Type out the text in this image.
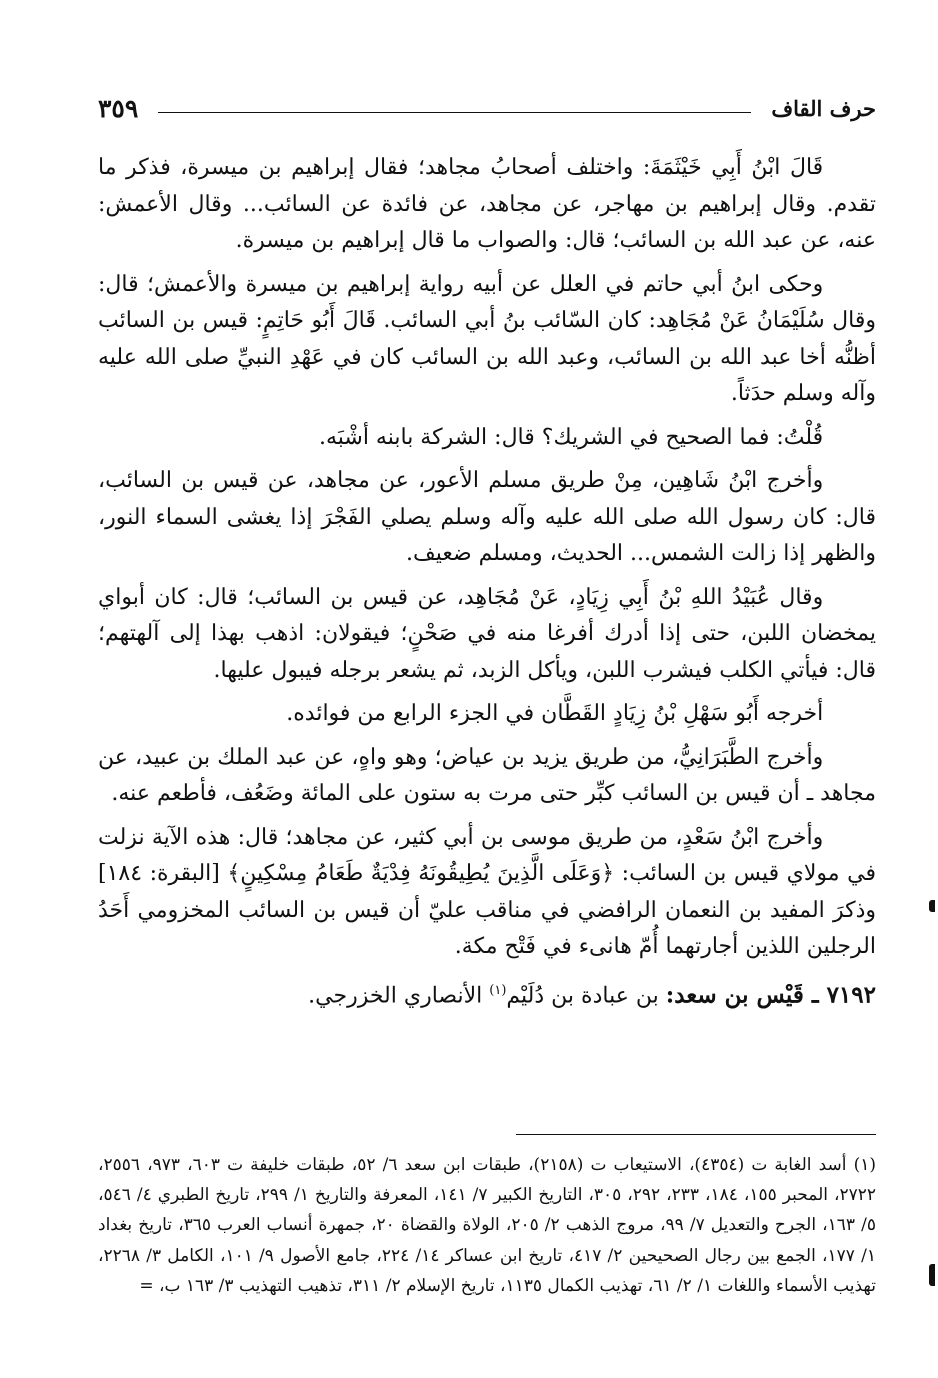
حرف القاف
٣٥٩

قَالَ ابْنُ أَبِي خَيْثَمَةَ: واختلف أصحابُ مجاهد؛ فقال إبراهيم بن ميسرة، فذكر ما تقدم. وقال إبراهيم بن مهاجر، عن مجاهد، عن فائدة عن السائب... وقال الأعمش: عنه، عن عبد الله بن السائب؛ قال: والصواب ما قال إبراهيم بن ميسرة.

وحكى ابنُ أبي حاتم في العلل عن أبيه رواية إبراهيم بن ميسرة والأعمش؛ قال: وقال سُلَيْمَانُ عَنْ مُجَاهِد: كان السّائب بنُ أبي السائب. قَالَ أَبُو حَاتِمٍ: قيس بن السائب أظنُّه أخا عبد الله بن السائب، وعبد الله بن السائب كان في عَهْدِ النبيِّ صلى الله عليه وآله وسلم حدَثاً.

قُلْتُ: فما الصحيح في الشريك؟ قال: الشركة بابنه أشْبَه.

وأخرج ابْنُ شَاهِين، مِنْ طريق مسلم الأعور، عن مجاهد، عن قيس بن السائب، قال: كان رسول الله صلى الله عليه وآله وسلم يصلي الفَجْرَ إذا يغشى السماء النور، والظهر إذا زالت الشمس... الحديث، ومسلم ضعيف.

وقال عُبَيْدُ اللهِ بْنُ أَبِي زِيَادٍ، عَنْ مُجَاهِد، عن قيس بن السائب؛ قال: كان أبواي يمخضان اللبن، حتى إذا أدرك أفرغا منه في صَحْنٍ؛ فيقولان: اذهب بهذا إلى آلهتهم؛ قال: فيأتي الكلب فيشرب اللبن، ويأكل الزبد، ثم يشعر برجله فيبول عليها.

أخرجه أَبُو سَهْلِ بْنُ زِيَادٍ القَطَّان في الجزء الرابع من فوائده.

وأخرج الطَّبَرَانِيُّ، من طريق يزيد بن عياض؛ وهو واهٍ، عن عبد الملك بن عبيد، عن مجاهد ـ أن قيس بن السائب كبِّر حتى مرت به ستون على المائة وضَعُف، فأطعم عنه.

وأخرج ابْنُ سَعْدٍ، من طريق موسى بن أبي كثير، عن مجاهد؛ قال: هذه الآية نزلت في مولاي قيس بن السائب: ﴿وَعَلَى الَّذِينَ يُطِيقُونَهُ فِدْيَةٌ طَعَامُ مِسْكِينٍ﴾ [البقرة: ١٨٤] وذكرَ المفيد بن النعمان الرافضي في مناقب عليّ أن قيس بن السائب المخزومي أَحَدُ الرجلين اللذين أجارتهما أُمّ هانىء في فَتْح مكة.

٧١٩٢ ـ قَيْس بن سعد: بن عبادة بن دُلَيْم$^{(١)}$ الأنصاري الخزرجي.

(١) أسد الغابة ت (٤٣٥٤)، الاستيعاب ت (٢١٥٨)، طبقات ابن سعد ٦/ ٥٢، طبقات خليفة ت ٦٠٣، ٩٧٣، ٢٥٥٦، ٢٧٢٢، المحبر ١٥٥، ١٨٤، ٢٣٣، ٢٩٢، ٣٠٥، التاريخ الكبير ٧/ ١٤١، المعرفة والتاريخ ١/ ٢٩٩، تاريخ الطبري ٤/ ٥٤٦، ٥/ ١٦٣، الجرح والتعديل ٧/ ٩٩، مروج الذهب ٢/ ٢٠٥، الولاة والقضاة ٢٠، جمهرة أنساب العرب ٣٦٥، تاريخ بغداد ١/ ١٧٧، الجمع بين رجال الصحيحين ٢/ ٤١٧، تاريخ ابن عساكر ١٤/ ٢٢٤، جامع الأصول ٩/ ١٠١، الكامل ٣/ ٢٢٦٨، تهذيب الأسماء واللغات ١/ ٢/ ٦١، تهذيب الكمال ١١٣٥، تاريخ الإسلام ٢/ ٣١١، تذهيب التهذيب ٣/ ١٦٣ ب، =
